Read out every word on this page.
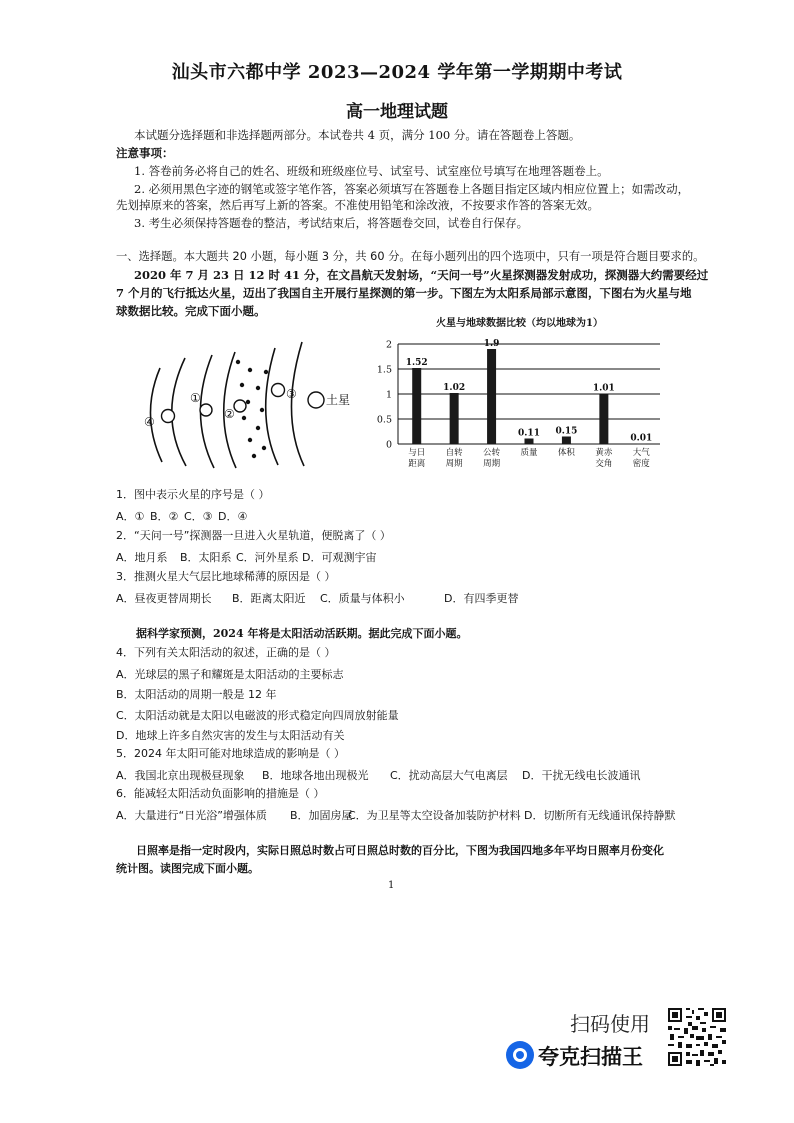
汕头市六都中学 2023—2024 学年第一学期期中考试
高一地理试题
本试题分选择题和非选择题两部分。本试卷共 4 页，满分 100 分。请在答题卷上答题。
注意事项：
1. 答卷前务必将自己的姓名、班级和班级座位号、试室号、试室座位号填写在地理答题卷上。
2. 必须用黑色字迹的钢笔或签字笔作答，答案必须填写在答题卷上各题目指定区域内相应位置上；如需改动，
先划掉原来的答案，然后再写上新的答案。不准使用铅笔和涂改液，不按要求作答的答案无效。
3. 考生必须保持答题卷的整洁，考试结束后，将答题卷交回，试卷自行保存。
一、选择题。本大题共 20 小题，每小题 3 分，共 60 分。在每小题列出的四个选项中，只有一项是符合题目要求的。
2020 年 7 月 23 日 12 时 41 分，在文昌航天发射场，“天问一号”火星探测器发射成功，探测器大约需要经过
7 个月的飞行抵达火星，迈出了我国自主开展行星探测的第一步。下图左为太阳系局部示意图，下图右为火星与地
球数据比较。完成下面小题。
④
①
②
③ 土星
火星与地球数据比较（均以地球为1）
0
0.5
1
1.5
2
1.52
与日
距离
1.02
自转
周期
1.9
公转
周期
0.11
质量
0.15
体积
1.01
黄赤
交角
0.01
大气
密度
1．图中表示火星的序号是（ ）
A．① B．② C．③ D．④
2．“天问一号”探测器一旦进入火星轨道，便脱离了（ ）
A．地月系 B．太阳系 C．河外星系 D．可观测宇宙
3．推测火星大气层比地球稀薄的原因是（ ）
A．昼夜更替周期长 B．距离太阳近 C．质量与体积小	D．有四季更替
据科学家预测，2024 年将是太阳活动活跃期。据此完成下面小题。
4．下列有关太阳活动的叙述，正确的是（ ）
A．光球层的黑子和耀斑是太阳活动的主要标志
B．太阳活动的周期一般是 12 年
C．太阳活动就是太阳以电磁波的形式稳定向四周放射能量
D．地球上许多自然灾害的发生与太阳活动有关
5．2024 年太阳可能对地球造成的影响是（ ）
A．我国北京出现极昼现象 B．地球各地出现极光 C．扰动高层大气电离层 D．干扰无线电长波通讯
6．能减轻太阳活动负面影响的措施是（ ）
A．大量进行“日光浴”增强体质 B．加固房屋
C．为卫星等太空设备加装防护材料 D．切断所有无线通讯保持静默
日照率是指一定时段内，实际日照总时数占可日照总时数的百分比，下图为我国四地多年平均日照率月份变化
统计图。读图完成下面小题。
1
扫码使用
夸克扫描王
